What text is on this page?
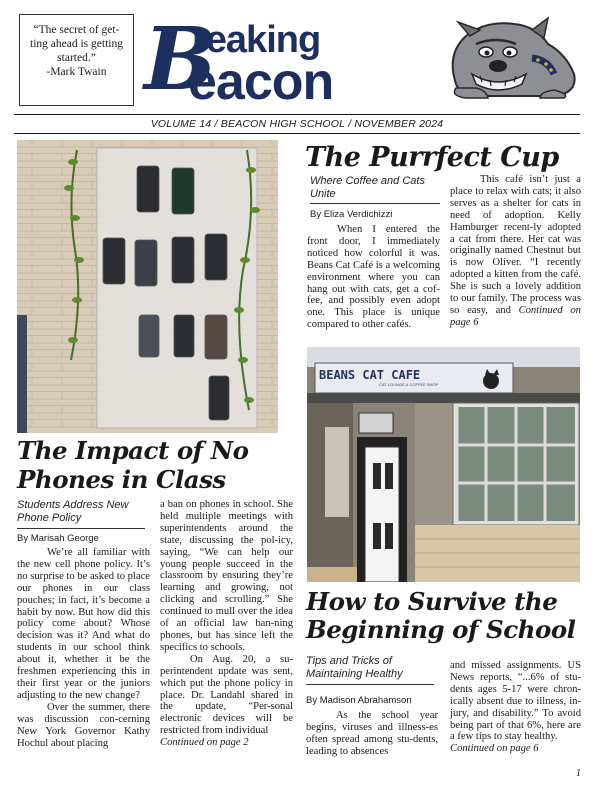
“The secret of get-ting ahead is getting started.”
-Mark Twain B
reaking
eacon
VOLUME 14 / BEACON HIGH SCHOOL / NOVEMBER 2024
The Purrfect Cup
Where Coffee and Cats Unite
By Eliza Verdichizzi
When I entered the front door, I immediately noticed how colorful it was. Beans Cat Café is a welcoming environment where you can hang out with cats, get a cof-fee, and possibly even adopt one. This place is unique compared to other cafés.
This café isn’t just a place to relax with cats; it also serves as a shelter for cats in need of adoption. Kelly Hamburger recent-ly adopted a cat from there. Her cat was originally named Chestnut but is now Oliver. “I recently adopted a kitten from the café. She is such a lovely addition to our family. The process was so easy, and Continued on page 6
BEANS CAT CAFE
CAT LOUNGE & COFFEE SHOP
The Impact of No Phones in Class
Students Address New Phone Policy
By Marisah George
We’re all familiar with the new cell phone policy. It’s no surprise to be asked to place our phones in our class pouches; in fact, it’s become a habit by now. But how did this policy come about? Whose decision was it? And what do students in our school think about it, whether it be the freshmen experiencing this in their first year or the juniors adjusting to the new change?
Over the summer, there was discussion con-cerning New York Governor Kathy Hochul about placing
a ban on phones in school. She held multiple meetings with superintendents around the state, discussing the pol-icy, saying, “We can help our young people succeed in the classroom by ensuring they’re learning and growing, not clicking and scrolling.” She continued to mull over the idea of an official law ban-ning phones, but has since left the specifics to schools.
On Aug. 20, a su-perintendent update was sent, which put the phone policy in place. Dr. Landahl shared in the update, “Per-sonal electronic devices will be restricted from individual
Continued on page 2
How to Survive the Beginning of School
Tips and Tricks of Maintaining Healthy
By Madison Abrahamson
As the school year begins, viruses and illness-es often spread among stu-dents, leading to absences
and missed assignments. US News reports, “...6% of stu-dents ages 5-17 were chron-ically absent due to illness, in-jury, and disability.” To avoid being part of that 6%, here are a few tips to stay healthy.
Continued on page 6
1
